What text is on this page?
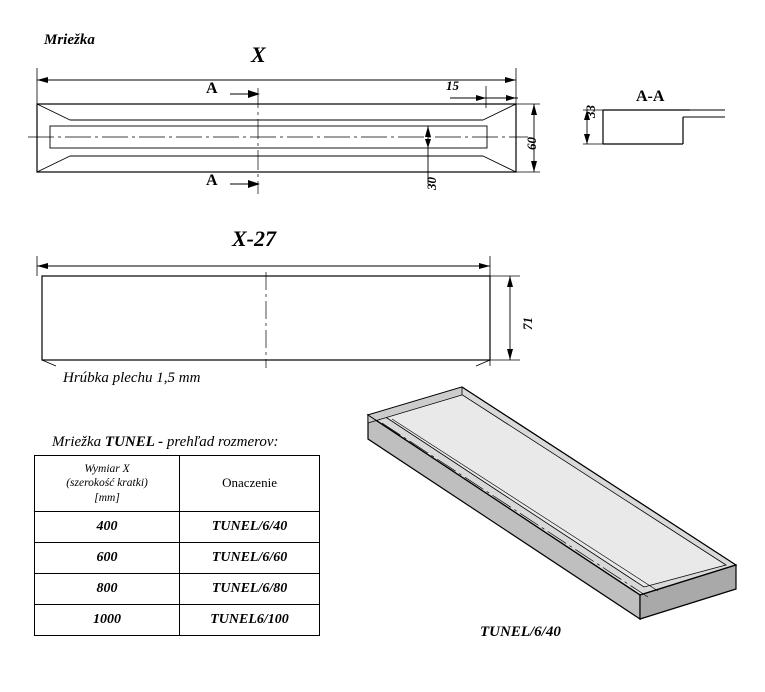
Mriežka
X
A
A
15
60
30
A-A
33
X-27
71
Hrúbka plechu 1,5 mm
Mriežka TUNEL - prehľad rozmerov:
Wymiar X
(szerokość kratki)
[mm]	Onaczenie
400	TUNEL/6/40
600	TUNEL/6/60
800	TUNEL/6/80
1000	TUNEL6/100
TUNEL/6/40
